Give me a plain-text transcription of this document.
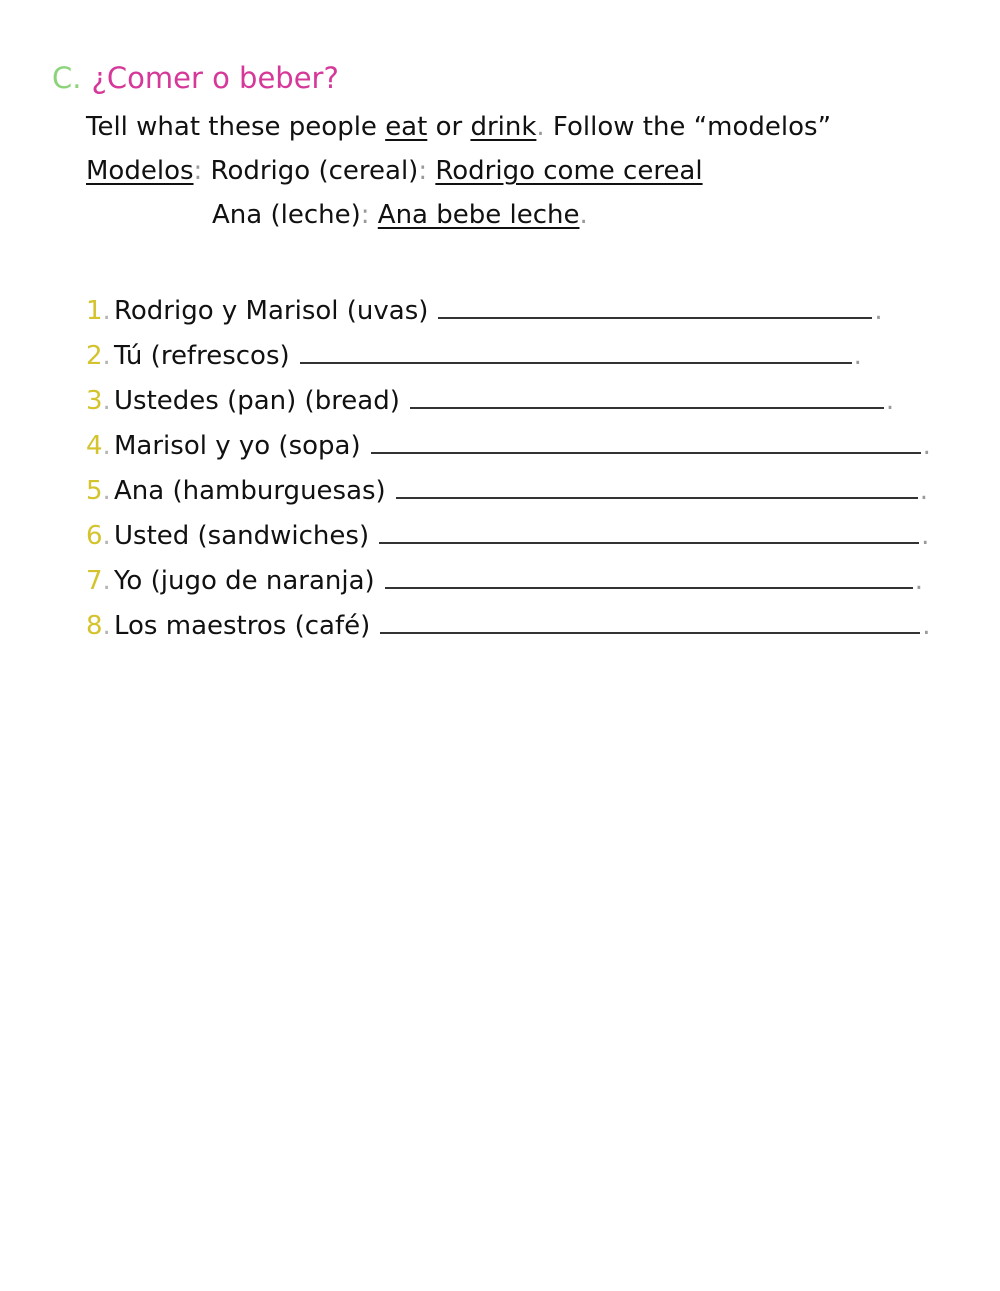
C. ¿Comer o beber?
Tell what these people eat or drink. Follow the “modelos”
Modelos: Rodrigo (cereal): Rodrigo come cereal
Ana (leche): Ana bebe leche.
1. Rodrigo y Marisol (uvas)	.
2. Tú (refrescos)	.
3. Ustedes (pan) (bread)	.
4. Marisol y yo (sopa)	.
5. Ana (hamburguesas)	.
6. Usted (sandwiches)	.
7. Yo (jugo de naranja)	.
8. Los maestros (café)	.
